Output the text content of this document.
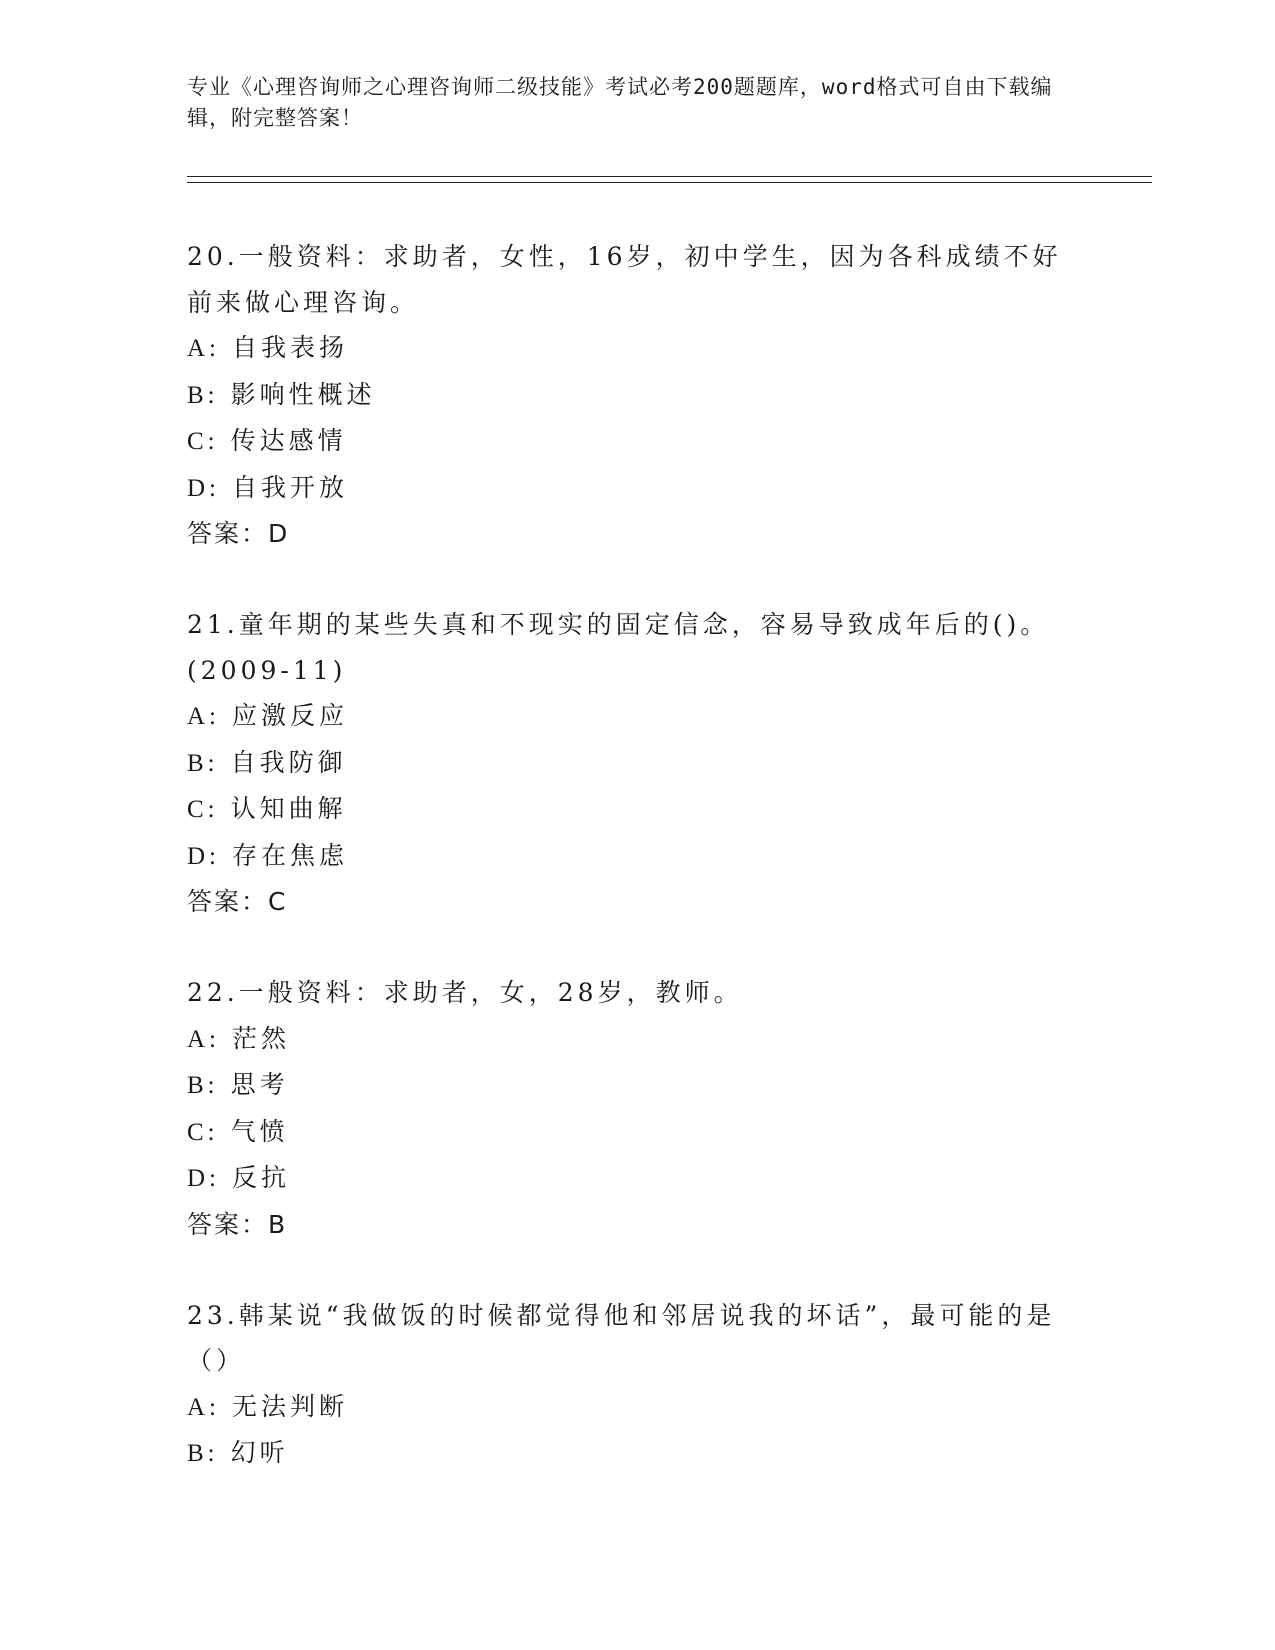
专业《心理咨询师之心理咨询师二级技能》考试必考200题题库，word格式可自由下载编辑，附完整答案！

20.一般资料：求助者，女性，16岁，初中学生，因为各科成绩不好前来做心理咨询。

A: 自我表扬

B: 影响性概述

C: 传达感情

D: 自我开放

答案：D

21.童年期的某些失真和不现实的固定信念，容易导致成年后的()。(2009-11)

A: 应激反应

B: 自我防御

C: 认知曲解

D: 存在焦虑

答案：C

22.一般资料：求助者，女，28岁，教师。

A: 茫然

B: 思考

C: 气愤

D: 反抗

答案：B

23.韩某说“我做饭的时候都觉得他和邻居说我的坏话”，最可能的是（）

A: 无法判断

B: 幻听
